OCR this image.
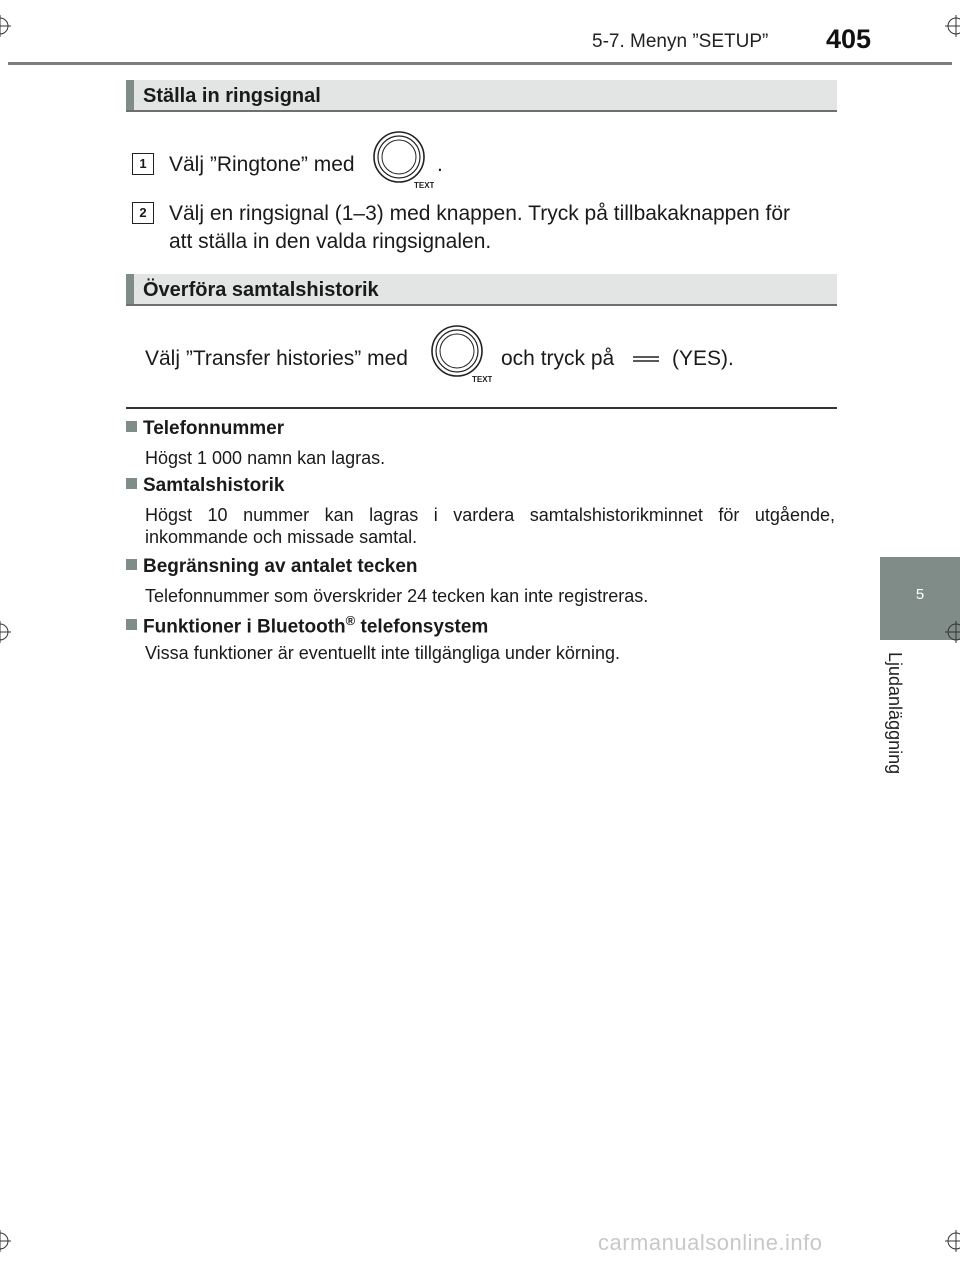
5-7. Menyn ”SETUP” 405
5
Ljudanläggning
Ställa in ringsignal
1	Välj ”Ringtone” med
TEXT
.
2	Välj en ringsignal (1–3) med knappen. Tryck på tillbakaknappen för
att ställa in den valda ringsignalen.
Överföra samtalshistorik
Välj ”Transfer histories” med
TEXT
och tryck på	(YES).
Telefonnummer
Högst 1 000 namn kan lagras.
Samtalshistorik
Högst 10 nummer kan lagras i vardera samtalshistorikminnet för utgående, inkommande och missade samtal.
Begränsning av antalet tecken
Telefonnummer som överskrider 24 tecken kan inte registreras.
Funktioner i Bluetooth® telefonsystem
Vissa funktioner är eventuellt inte tillgängliga under körning.
carmanualsonline.info
